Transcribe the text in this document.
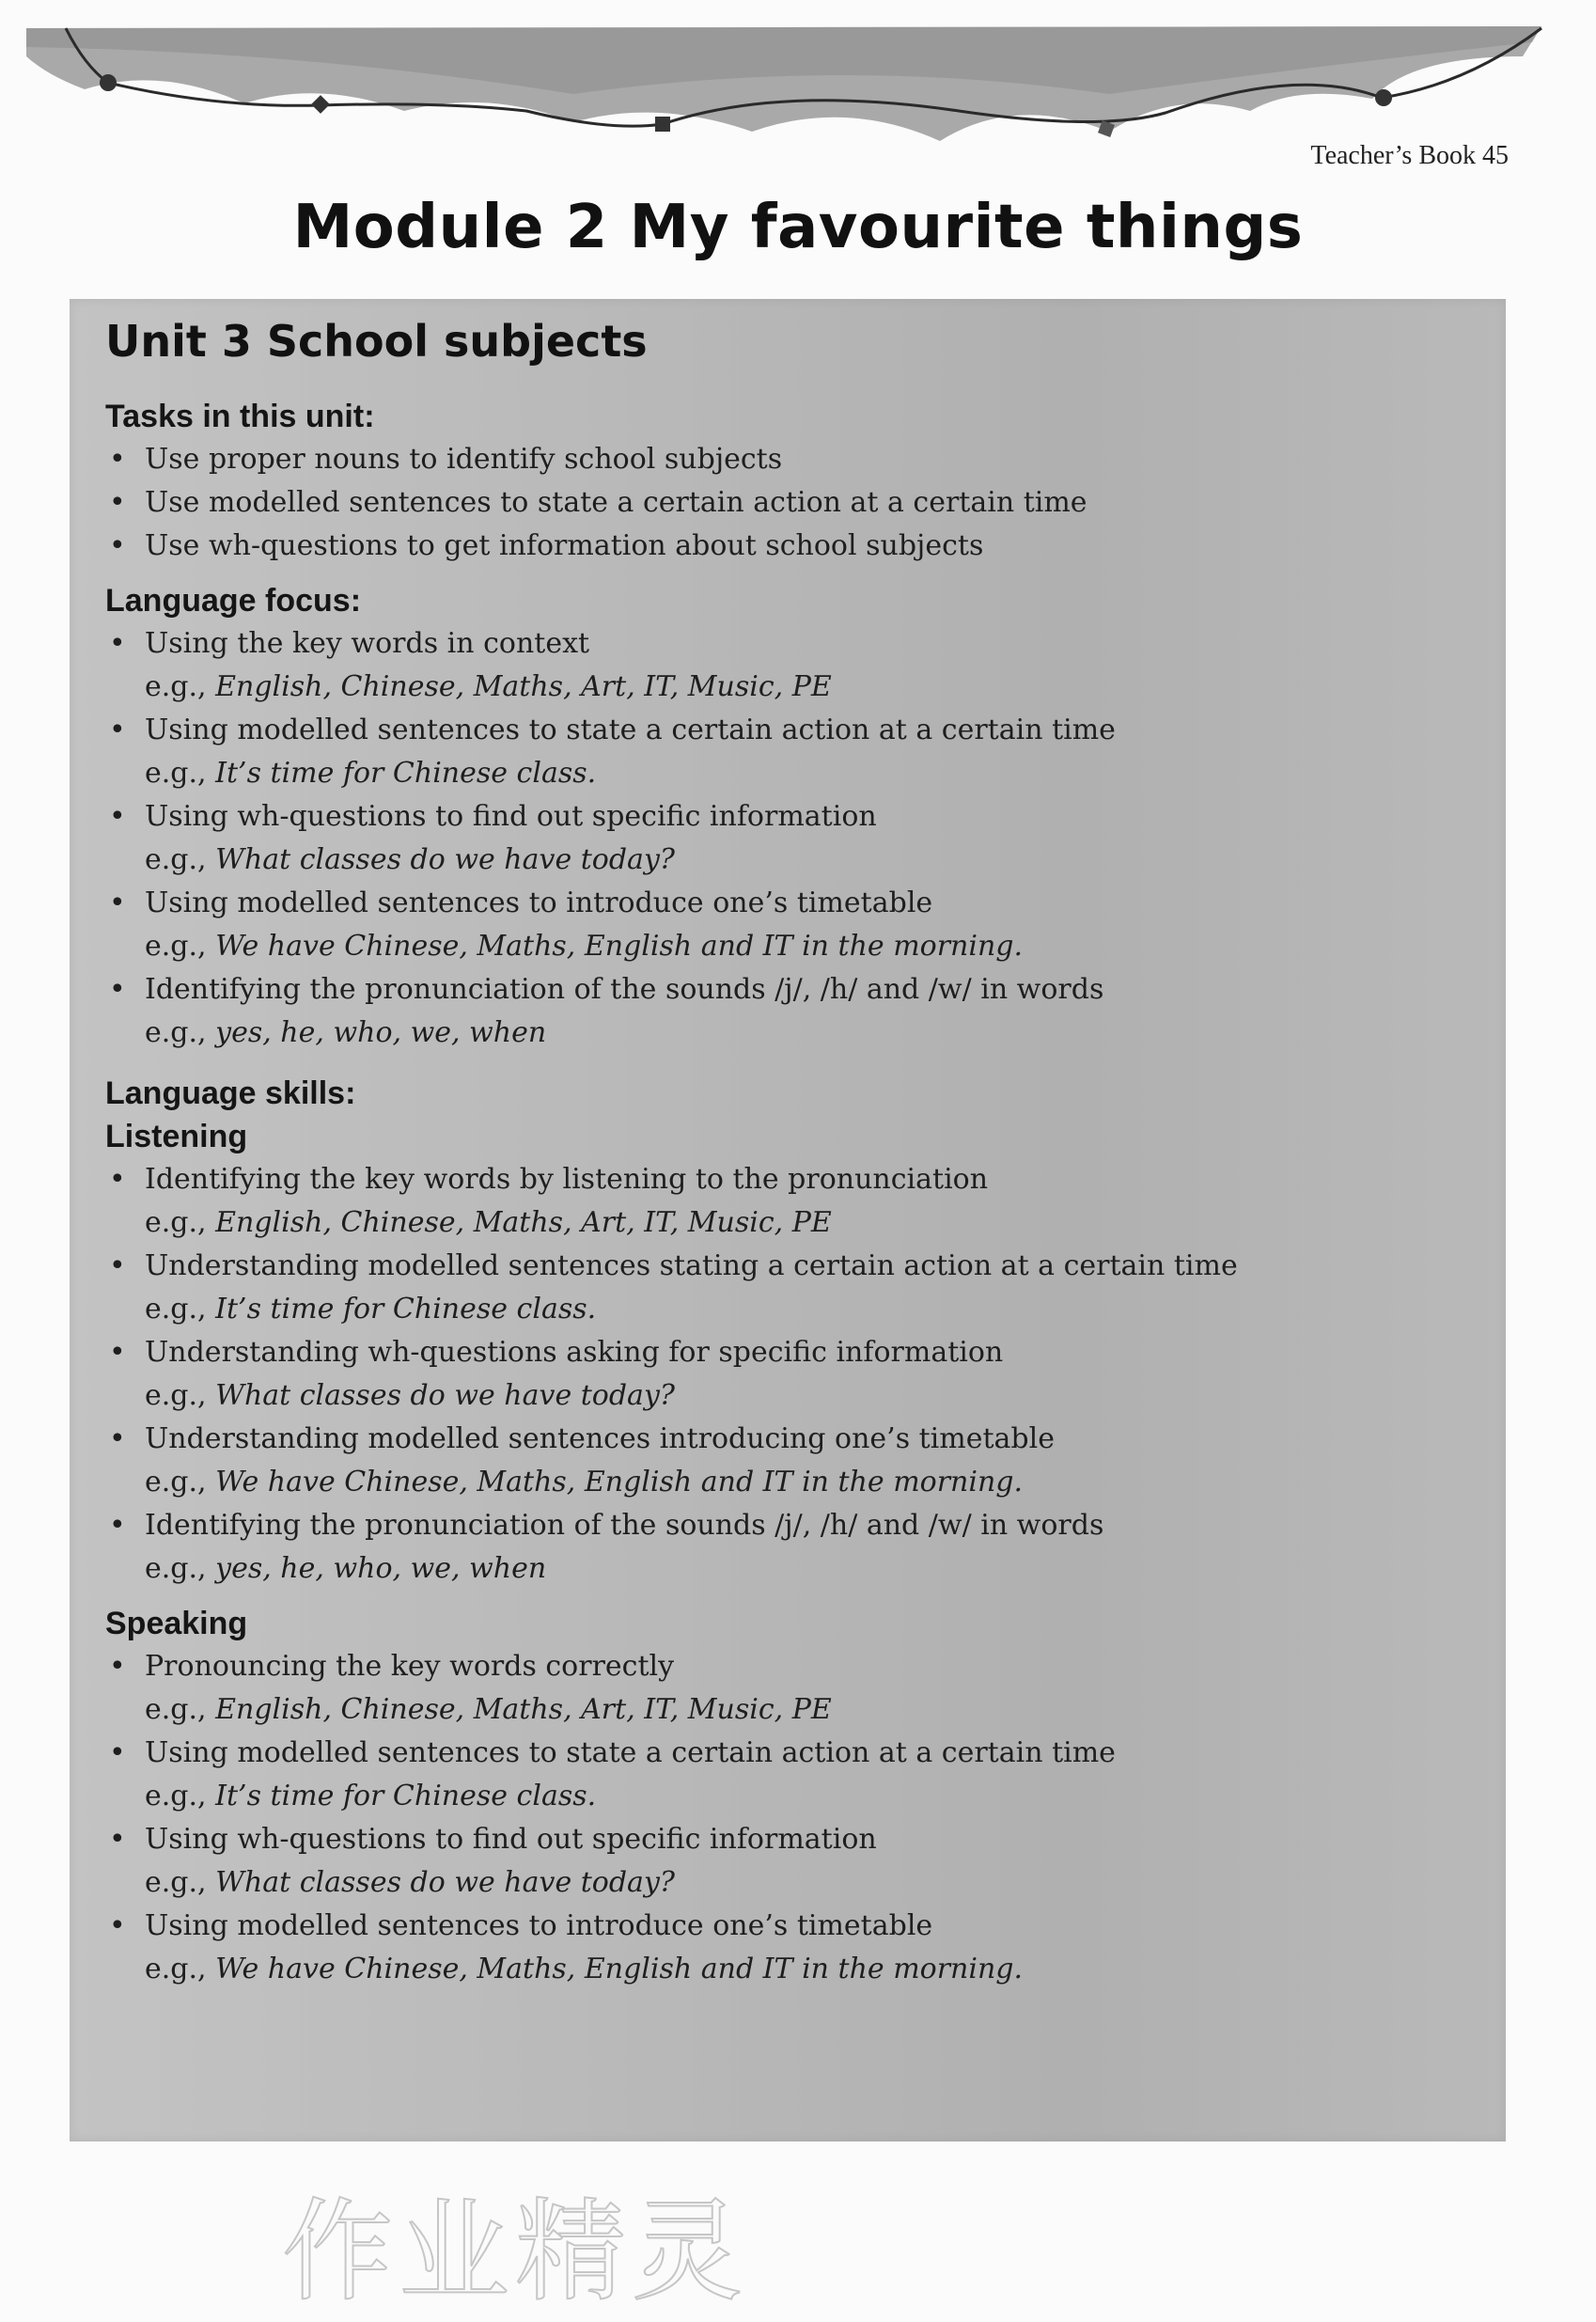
Teacher’s Book 45
Module 2 My favourite things
Unit 3 School subjects
Tasks in this unit:
• Use proper nouns to identify school subjects
• Use modelled sentences to state a certain action at a certain time
• Use wh-questions to get information about school subjects
Language focus:
• Using the key words in context
e.g., English, Chinese, Maths, Art, IT, Music, PE
• Using modelled sentences to state a certain action at a certain time
e.g., It’s time for Chinese class.
• Using wh-questions to find out specific information
e.g., What classes do we have today?
• Using modelled sentences to introduce one’s timetable
e.g., We have Chinese, Maths, English and IT in the morning.
• Identifying the pronunciation of the sounds /j/, /h/ and /w/ in words
e.g., yes, he, who, we, when
Language skills:
Listening
• Identifying the key words by listening to the pronunciation
e.g., English, Chinese, Maths, Art, IT, Music, PE
• Understanding modelled sentences stating a certain action at a certain time
e.g., It’s time for Chinese class.
• Understanding wh-questions asking for specific information
e.g., What classes do we have today?
• Understanding modelled sentences introducing one’s timetable
e.g., We have Chinese, Maths, English and IT in the morning.
• Identifying the pronunciation of the sounds /j/, /h/ and /w/ in words
e.g., yes, he, who, we, when
Speaking
• Pronouncing the key words correctly
e.g., English, Chinese, Maths, Art, IT, Music, PE
• Using modelled sentences to state a certain action at a certain time
e.g., It’s time for Chinese class.
• Using wh-questions to find out specific information
e.g., What classes do we have today?
• Using modelled sentences to introduce one’s timetable
e.g., We have Chinese, Maths, English and IT in the morning.
作业精灵
